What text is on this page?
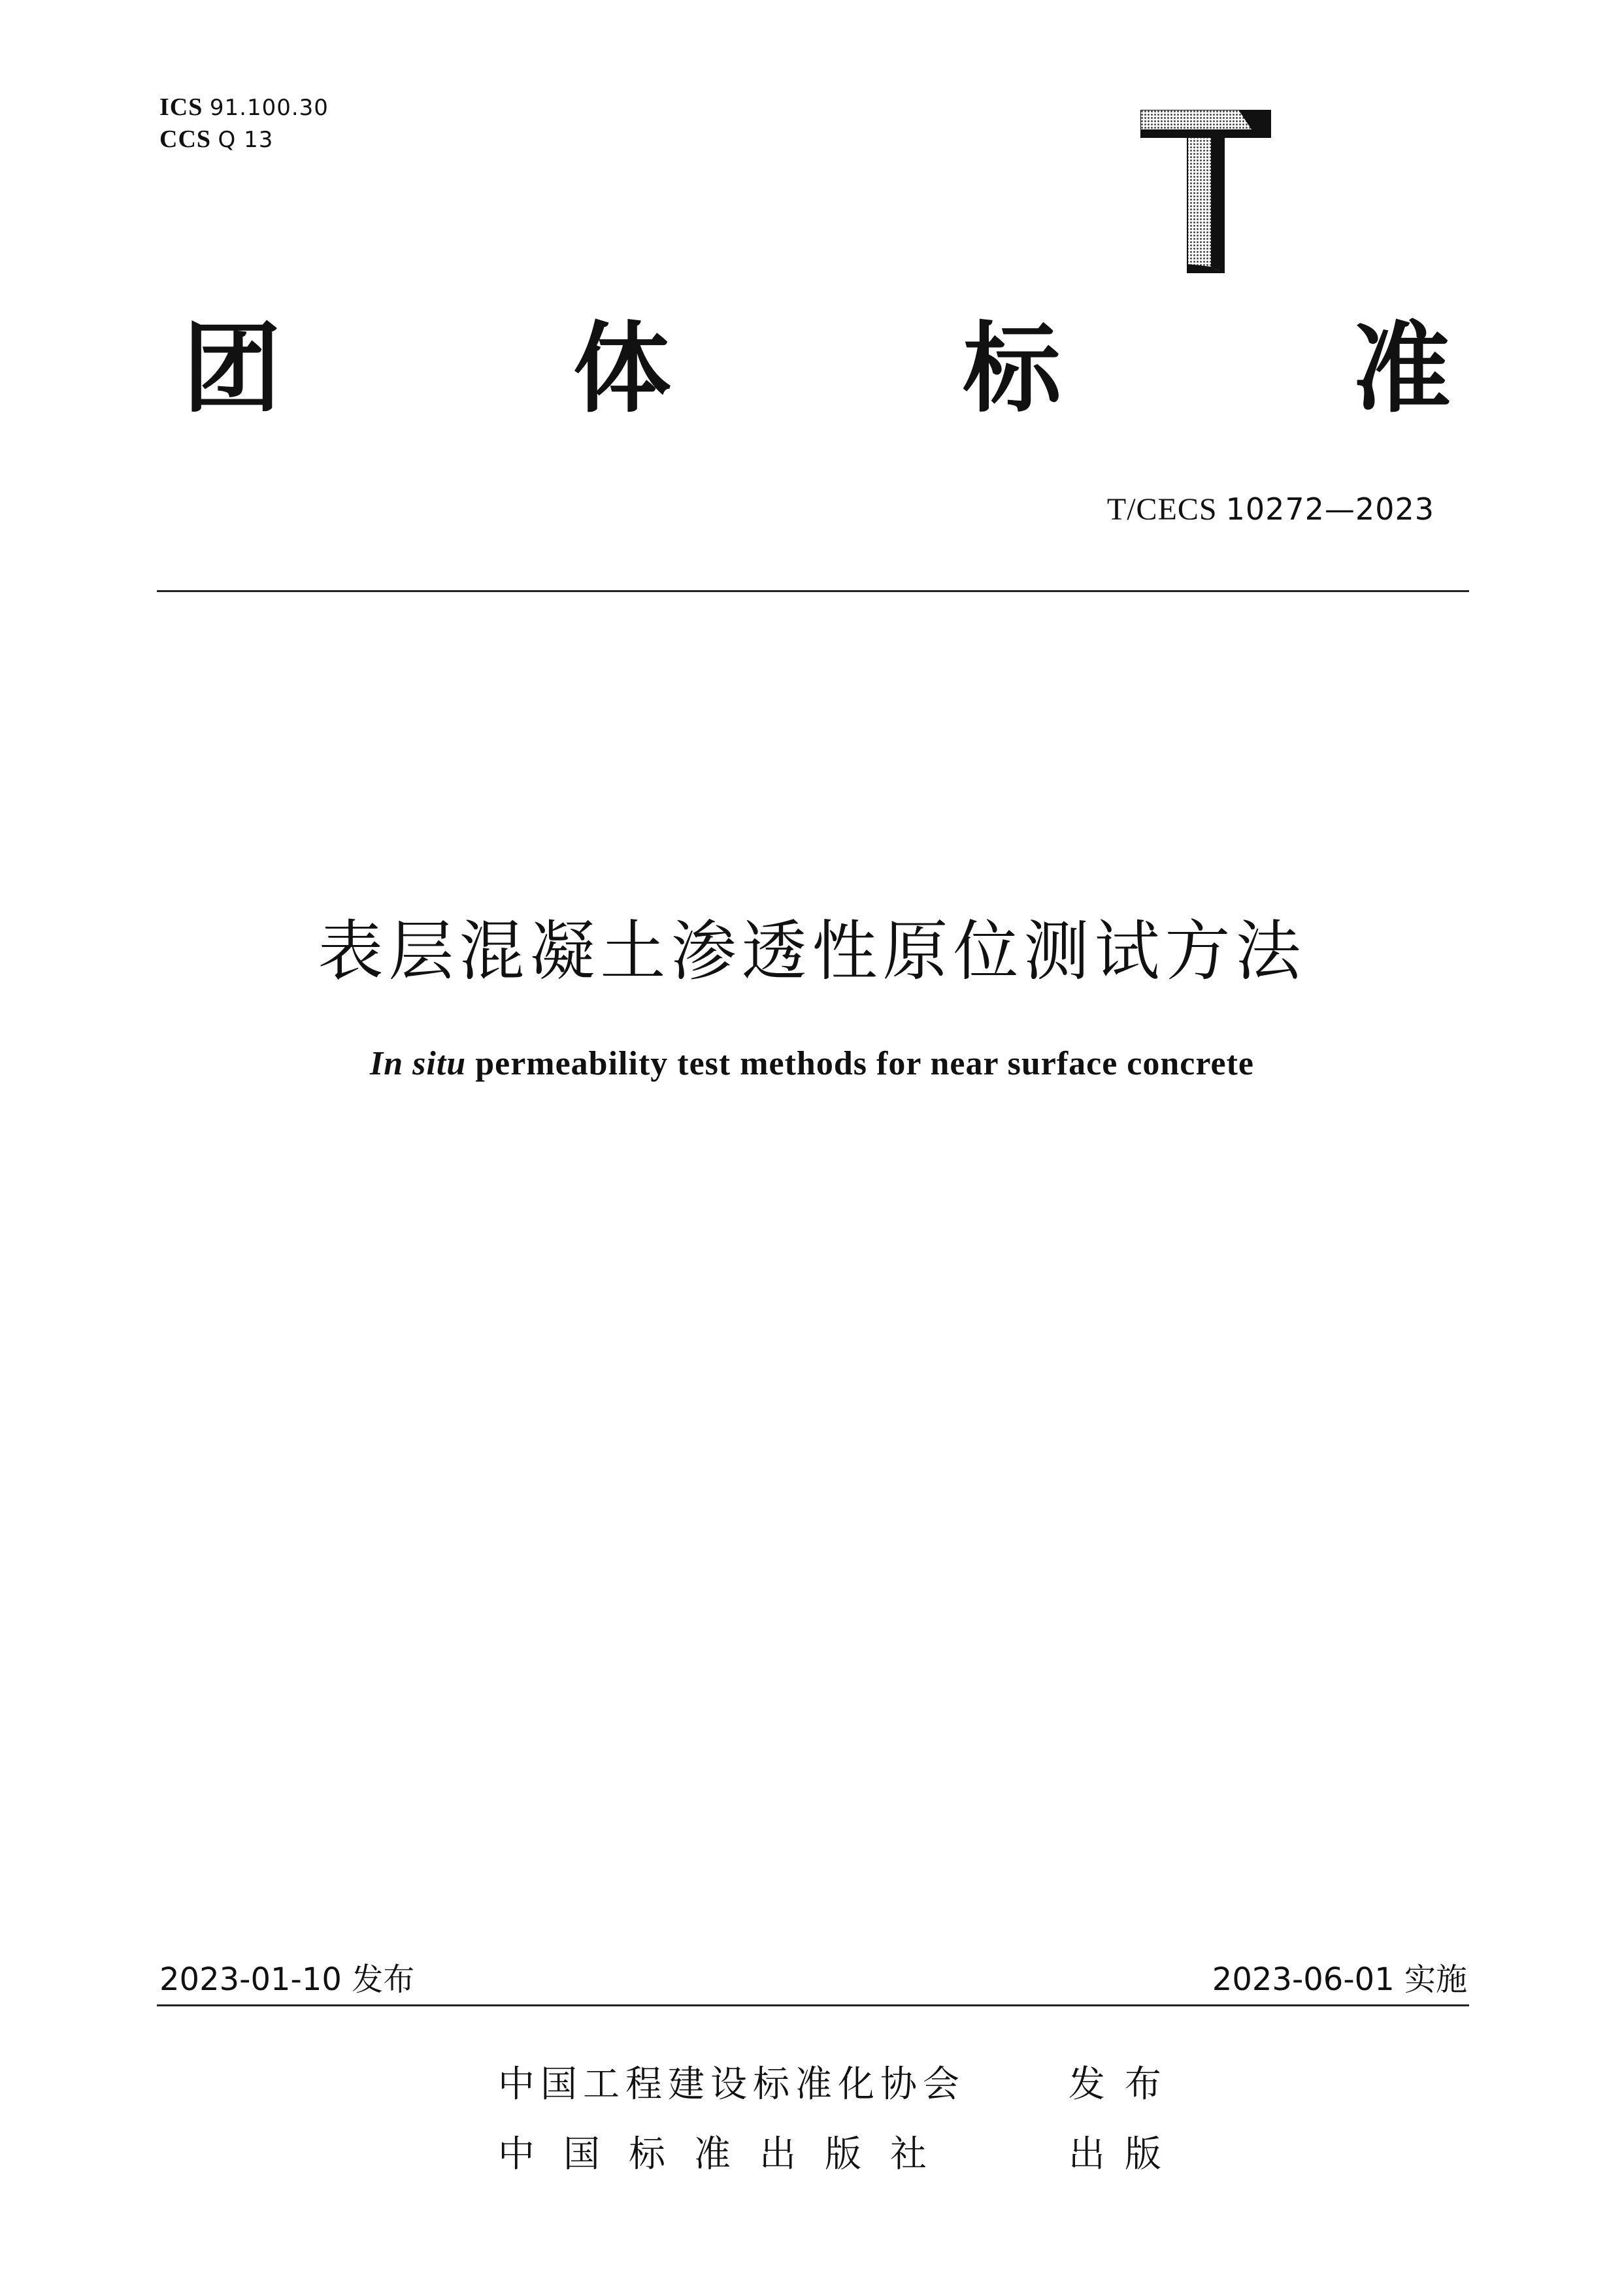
ICS 91.100.30
CCS Q 13
团	体	标	准
T/CECS 10272—2023
表层混凝土渗透性原位测试方法
In situ permeability test methods for near surface concrete
2023-01-10 发布	2023-06-01 实施
中国工程建设标准化协会	发布
中国标准出版社	出版
